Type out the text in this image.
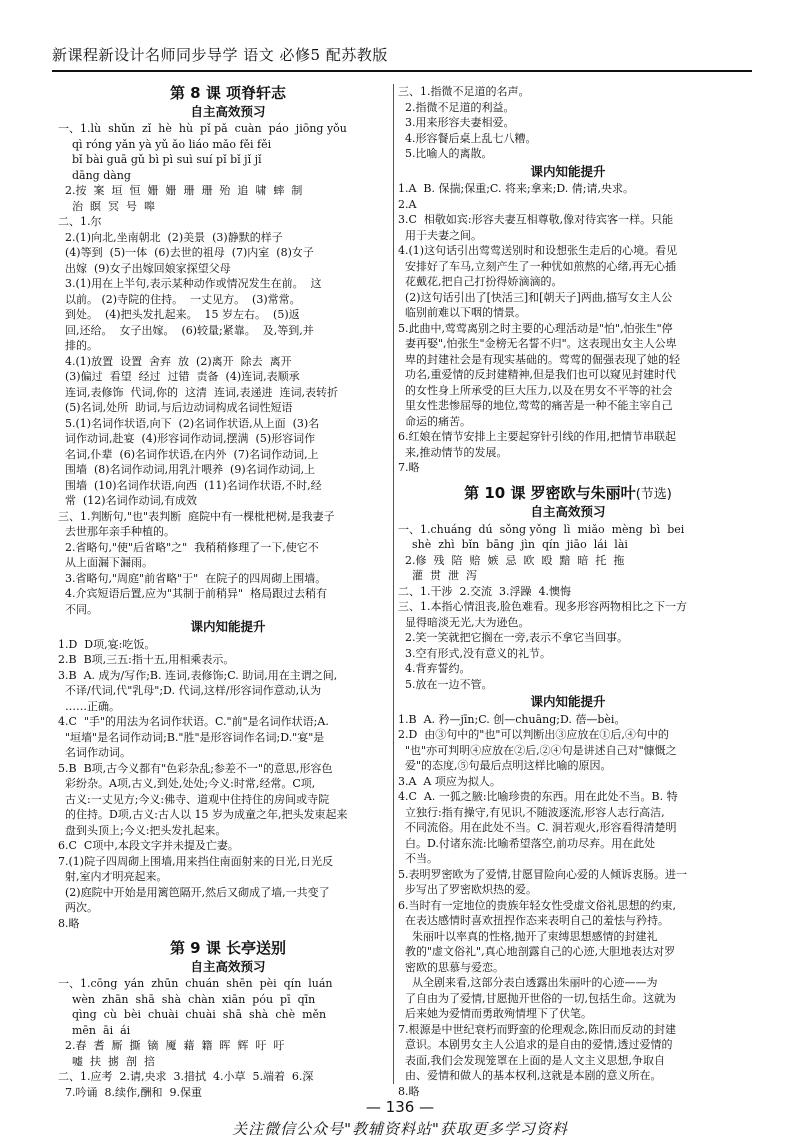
新课程新设计名师同步导学 语文 必修5 配苏教版
第 8 课 项脊轩志
自主高效预习
一、1.lù  shǔn  zǐ  hè  hù  pǐ pǎ  cuàn  páo  jiōng yǒu
qì róng yǎn yà yǔ ǎo liáo mǎo fěi fěi
bǐ bài guā gǔ bì pì suì suí pǐ bǐ jǐ jǐ
dāng dàng
2.按  案  垣  恒  姗  姗  珊  珊  殆  追  啸  蟀  制
治  瞑  冥  号  嗥
二、1.尔
2.(1)向北,坐南朝北  (2)美景  (3)静默的样子
(4)等到  (5)一体  (6)去世的祖母  (7)内室  (8)女子
出嫁  (9)女子出嫁回娘家探望父母
3.(1)用在上半句,表示某种动作或情况发生在前。  这
以前。 (2)寺院的住持。  一丈见方。  (3)常常。
到处。  (4)把头发扎起来。  15 岁左右。  (5)返
回,还给。  女子出嫁。  (6)较量;紧靠。  及,等到,并
排的。
4.(1)放置  设置  舍弃  放  (2)离开  除去  离开
(3)偏过  看望  经过  过错  责备  (4)连词,表顺承
连词,表修饰  代词,你的  这清  连词,表递进  连词,表转折
(5)名词,处所  助词,与后边动词构成名词性短语
5.(1)名词作状语,向下  (2)名词作状语,从上面  (3)名
词作动词,赴宴  (4)形容词作动词,摆满  (5)形容词作
名词,仆辈  (6)名词作状语,在内外  (7)名词作动词,上
围墙  (8)名词作动词,用乳汁喂养  (9)名词作动词,上
围墙  (10)名词作状语,向西  (11)名词作状语,不时,经
常  (12)名词作动词,有成效
三、1.判断句,"也"表判断  庭院中有一棵枇杷树,是我妻子
去世那年亲手种植的。
2.省略句,"使"后省略"之"  我稍稍修理了一下,使它不
从上面漏下漏雨。
3.省略句,"周庭"前省略"于"  在院子的四周砌上围墙。
4.介宾短语后置,应为"其制于前稍异"  格局跟过去稍有
不同。
课内知能提升
1.D  D项,宴:吃饭。
2.B  B项,三五:指十五,用相乘表示。
3.B  A. 成为/写作;B. 连词,表修饰;C. 助词,用在主谓之间,
不译/代词,代"乳母";D. 代词,这样/形容词作意动,认为
……正确。
4.C  "手"的用法为名词作状语。C."前"是名词作状语;A.
"垣墙"是名词作动词;B."胜"是形容词作名词;D."宴"是
名词作动词。
5.B  B项,古今义都有"色彩杂乱;参差不一"的意思,形容色
彩纷杂。A项,古义,到处,处处;今义:时常,经常。C项,
古义:一丈见方;今义:佛寺、道观中住持住的房间或寺院
的住持。D项,古义:古人以 15 岁为成童之年,把头发束起来
盘到头顶上;今义:把头发扎起来。
6.C  C项中,本段文字并未提及亡妻。
7.(1)院子四周砌上围墙,用来挡住南面射来的日光,日光反
射,室内才明亮起来。
(2)庭院中开始是用篱笆隔开,然后又砌成了墙,一共变了
两次。
8.略
第 9 课 长亭送别
自主高效预习
一、1.cōng  yán  zhūn  chuán  shēn  pèi  qín  luán
wèn  zhān  shā  shà  chàn  xiān  póu  pī  qīn
qìng  cù  bèi  chuài  chuài  shā  shà  chè  měn
mēn  āi  ái
2.舂  耆  厮  撕  镝  魇  藉  籍  晖  辉  吁  吁
嘘  扶  掳  剖  掊
二、1.应考  2.请,央求  3.措拭  4.小草  5.端着  6.深
7.吟诵  8.续作,酬和  9.保重
三、1.指微不足道的名声。
2.指微不足道的利益。
3.用来形容夫妻相爱。
4.形容餐后桌上乱七八糟。
5.比喻人的离散。
课内知能提升
1.A  B. 保揣;保重;C. 将来;拿来;D. 倩;请,央求。
2.A
3.C  相敬如宾:形容夫妻互相尊敬,像对待宾客一样。只能
用于夫妻之间。
4.(1)这句话引出莺莺送别时和设想张生走后的心境。看见
安排好了车马,立刻产生了一种忧如煎熬的心绪,再无心插
花戴花,把自己打扮得娇滴滴的。
(2)这句话引出了[快活三]和[朝天子]两曲,描写女主人公
临别前难以下咽的情景。
5.此曲中,莺莺离别之时主要的心理活动是"怕",怕张生"停
妻再娶",怕张生"金榜无名誓不归"。这表现出女主人公卑
卑的封建社会是有现实基础的。莺莺的倔强表现了她的轻
功名,重爱情的反封建精神,但是我们也可以窥见封建时代
的女性身上所承受的巨大压力,以及在男女不平等的社会
里女性悲惨屈辱的地位,莺莺的痛苦是一种不能主宰自己
命运的痛苦。
6.红娘在情节安排上主要起穿针引线的作用,把情节串联起
来,推动情节的发展。
7.略
第 10 课 罗密欧与朱丽叶(节选)
自主高效预习
一、1.chuáng  dú  sǒng yǒng  lì  miǎo  mèng  bì  bei
shè  zhì  bǐn  bāng  jìn  qín  jiāo  lái  lài
2.修  残  陪  赔  嫉  忌  欧  殴  黯  暗  托  拖
灌  贯  泄  泻
二、1.干涉  2.交流  3.浮躁  4.懊悔
三、1.本指心情沮丧,脸色难看。现多形容两物相比之下一方
显得暗淡无光,大为逊色。
2.笑一笑就把它搁在一旁,表示不拿它当回事。
3.空有形式,没有意义的礼节。
4.背弃誓约。
5.放在一边不管。
课内知能提升
1.B  A. 矜—jīn;C. 创—chuāng;D. 蓓—bèi。
2.D  由③句中的"也"可以判断出③应放在①后,④句中的
"也"亦可判明④应放在②后,②④句是讲述自己对"慷慨之
爱"的态度,⑤句最后点明这样比喻的原因。
3.A  A 项应为拟人。
4.C  A. 一狐之腋:比喻珍贵的东西。用在此处不当。B. 特
立独行:指有操守,有见识,不随波逐流,形容人志行高洁,
不同流俗。用在此处不当。C. 洞若观火,形容看得清楚明
白。D.付诸东流:比喻希望落空,前功尽弃。用在此处
不当。
5.表明罗密欧为了爱情,甘愿冒险向心爱的人倾诉衷肠。进一
步写出了罗密欧炽热的爱。
6.当时有一定地位的贵族年轻女性受虚文俗礼思想的约束,
在表达感情时喜欢扭捏作态来表明自己的羞怯与矜持。
朱丽叶以率真的性格,抛开了束缚思想感情的封建礼
教的"虚文俗礼",真心地剖露自己的心迹,大胆地表达对罗
密欧的思慕与爱恋。
从全剧来看,这部分表白透露出朱丽叶的心迹——为
了自由为了爱情,甘愿抛开世俗的一切,包括生命。这就为
后来她为爱情而勇敢殉情埋下了伏笔。
7.根源是中世纪衰朽而野蛮的伦理观念,陈旧而反动的封建
意识。本剧男女主人公追求的是自由的爱情,透过爱情的
表面,我们会发现笼罩在上面的是人文主义思想,争取自
由、爱情和做人的基本权利,这就是本剧的意义所在。
8.略
— 136 —
关注微信公众号"教辅资料站"获取更多学习资料
